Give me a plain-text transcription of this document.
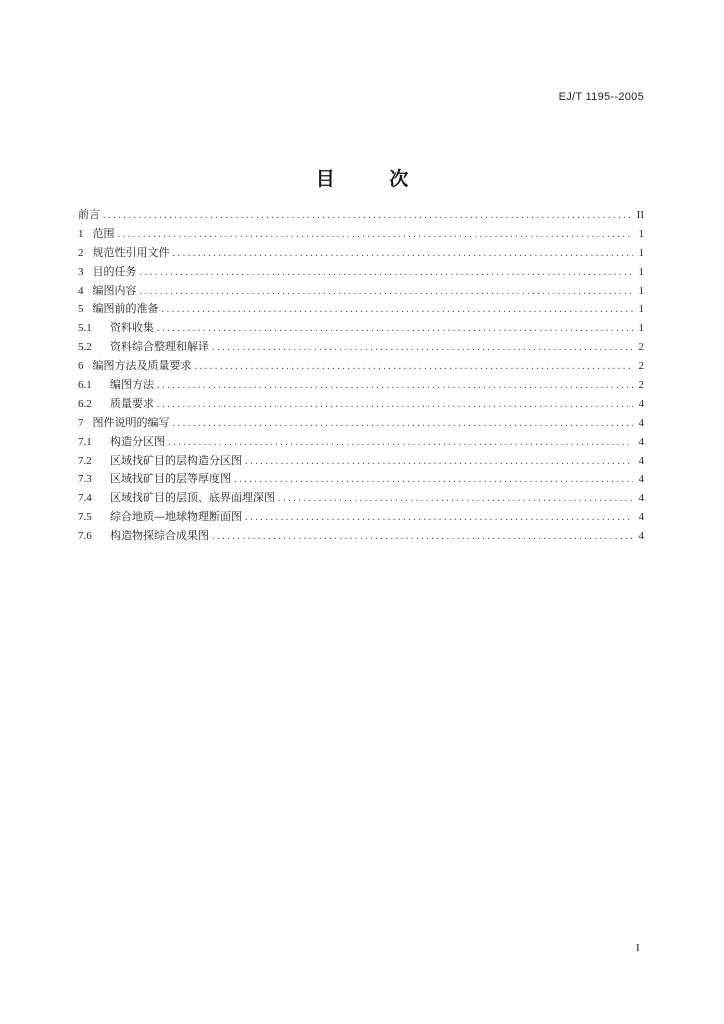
EJ/T 1195--2005
目 次
前言 .....	II
1 范围 .....	1
2 规范性引用文件 .....	1
3 目的任务 .....	1
4 编图内容 .....	1
5 编图前的准备 .....	1
5.1	资料收集 .....	1
5.2	资料综合整理和解译 .....	2
6 编图方法及质量要求 .....	2
6.1	编图方法 .....	2
6.2	质量要求 .....	4
7 图件说明的编写 .....	4
7.1	构造分区图 .....	4
7.2	区域找矿目的层构造分区图 .....	4
7.3	区域找矿目的层等厚度图 .....	4
7.4	区域找矿目的层顶、底界面埋深图 .....	4
7.5	综合地质—地球物理断面图 .....	4
7.6	构造物探综合成果图 .....	4
I
